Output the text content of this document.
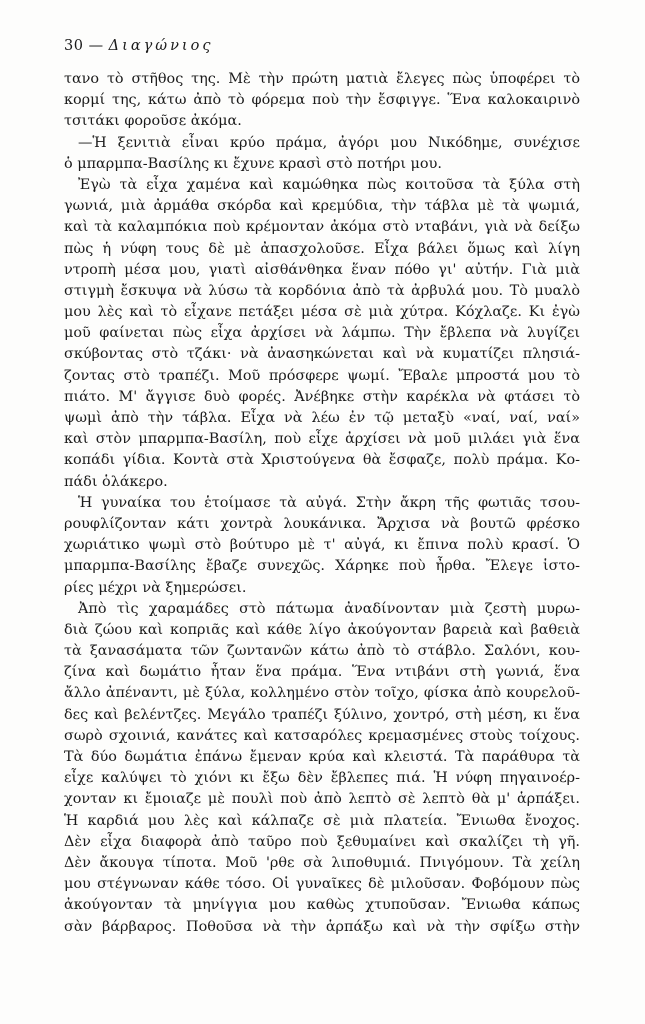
30 — Διαγώνιος
τανο τὸ στῆθος της. Μὲ τὴν πρώτη ματιὰ ἔλεγες πὼς ὑποφέρει τὸ
κορμί της, κάτω ἀπὸ τὸ φόρεμα ποὺ τὴν ἔσφιγγε. Ἕνα καλοκαιρινὸ
τσιτάκι φοροῦσε ἀκόμα.
—Ἡ ξενιτιὰ εἶναι κρύο πράμα, ἀγόρι μου Νικόδημε, συνέχισε
ὁ μπαρμπα-Βασίλης κι ἔχυνε κρασὶ στὸ ποτήρι μου.
Ἐγὼ τὰ εἶχα χαμένα καὶ καμώθηκα πὼς κοιτοῦσα τὰ ξύλα στὴ
γωνιά, μιὰ ἀρμάθα σκόρδα καὶ κρεμύδια, τὴν τάβλα μὲ τὰ ψωμιά,
καὶ τὰ καλαμπόκια ποὺ κρέμονταν ἀκόμα στὸ νταβάνι, γιὰ νὰ δείξω
πὼς ἡ νύφη τους δὲ μὲ ἀπασχολοῦσε. Εἶχα βάλει ὅμως καὶ λίγη
ντροπὴ μέσα μου, γιατὶ αἰσθάνθηκα ἕναν πόθο γι' αὐτήν. Γιὰ μιὰ
στιγμὴ ἔσκυψα νὰ λύσω τὰ κορδόνια ἀπὸ τὰ ἀρβυλά μου. Τὸ μυαλὸ
μου λὲς καὶ τὸ εἶχανε πετάξει μέσα σὲ μιὰ χύτρα. Κόχλαζε. Κι ἐγὼ
μοῦ φαίνεται πὼς εἶχα ἀρχίσει νὰ λάμπω. Τὴν ἔβλεπα νὰ λυγίζει
σκύβοντας στὸ τζάκι· νὰ ἀνασηκώνεται καὶ νὰ κυματίζει πλησιά-
ζοντας στὸ τραπέζι. Μοῦ πρόσφερε ψωμί. Ἔβαλε μπροστά μου τὸ
πιάτο. Μ' ἄγγισε δυὸ φορές. Ἀνέβηκε στὴν καρέκλα νὰ φτάσει τὸ
ψωμὶ ἀπὸ τὴν τάβλα. Εἶχα νὰ λέω ἐν τῷ μεταξὺ «ναί, ναί, ναί»
καὶ στὸν μπαρμπα-Βασίλη, ποὺ εἶχε ἀρχίσει νὰ μοῦ μιλάει γιὰ ἕνα
κοπάδι γίδια. Κοντὰ στὰ Χριστούγενα θὰ ἔσφαζε, πολὺ πράμα. Κο-
πάδι ὁλάκερο.
Ἡ γυναίκα του ἑτοίμασε τὰ αὐγά. Στὴν ἄκρη τῆς φωτιᾶς τσου-
ρουφλίζονταν κάτι χοντρὰ λουκάνικα. Ἄρχισα νὰ βουτῶ φρέσκο
χωριάτικο ψωμὶ στὸ βούτυρο μὲ τ' αὐγά, κι ἔπινα πολὺ κρασί. Ὁ
μπαρμπα-Βασίλης ἔβαζε συνεχῶς. Χάρηκε ποὺ ἦρθα. Ἔλεγε ἱστο-
ρίες μέχρι νὰ ξημερώσει.
Ἀπὸ τὶς χαραμάδες στὸ πάτωμα ἀναδίνονταν μιὰ ζεστὴ μυρω-
διὰ ζώου καὶ κοπριᾶς καὶ κάθε λίγο ἀκούγονταν βαρειὰ καὶ βαθειὰ
τὰ ξανασάματα τῶν ζωντανῶν κάτω ἀπὸ τὸ στάβλο. Σαλόνι, κου-
ζίνα καὶ δωμάτιο ἦταν ἕνα πράμα. Ἕνα ντιβάνι στὴ γωνιά, ἕνα
ἄλλο ἀπέναντι, μὲ ξύλα, κολλημένο στὸν τοῖχο, φίσκα ἀπὸ κουρελοῦ-
δες καὶ βελέντζες. Μεγάλο τραπέζι ξύλινο, χοντρό, στὴ μέση, κι ἕνα
σωρὸ σχοινιά, κανάτες καὶ κατσαρόλες κρεμασμένες στοὺς τοίχους.
Τὰ δύο δωμάτια ἐπάνω ἔμεναν κρύα καὶ κλειστά. Τὰ παράθυρα τὰ
εἶχε καλύψει τὸ χιόνι κι ἔξω δὲν ἔβλεπες πιά. Ἡ νύφη πηγαινοέρ-
χονταν κι ἔμοιαζε μὲ πουλὶ ποὺ ἀπὸ λεπτὸ σὲ λεπτὸ θὰ μ' ἁρπάξει.
Ἡ καρδιά μου λὲς καὶ κάλπαζε σὲ μιὰ πλατεία. Ἔνιωθα ἔνοχος.
Δὲν εἶχα διαφορὰ ἀπὸ ταῦρο ποὺ ξεθυμαίνει καὶ σκαλίζει τὴ γῆ.
Δὲν ἄκουγα τίποτα. Μοῦ 'ρθε σὰ λιποθυμιά. Πνιγόμουν. Τὰ χείλη
μου στέγνωναν κάθε τόσο. Οἱ γυναῖκες δὲ μιλοῦσαν. Φοβόμουν πὼς
ἀκούγονταν τὰ μηνίγγια μου καθὼς χτυποῦσαν. Ἔνιωθα κάπως
σὰν βάρβαρος. Ποθοῦσα νὰ τὴν ἁρπάξω καὶ νὰ τὴν σφίξω στὴν
